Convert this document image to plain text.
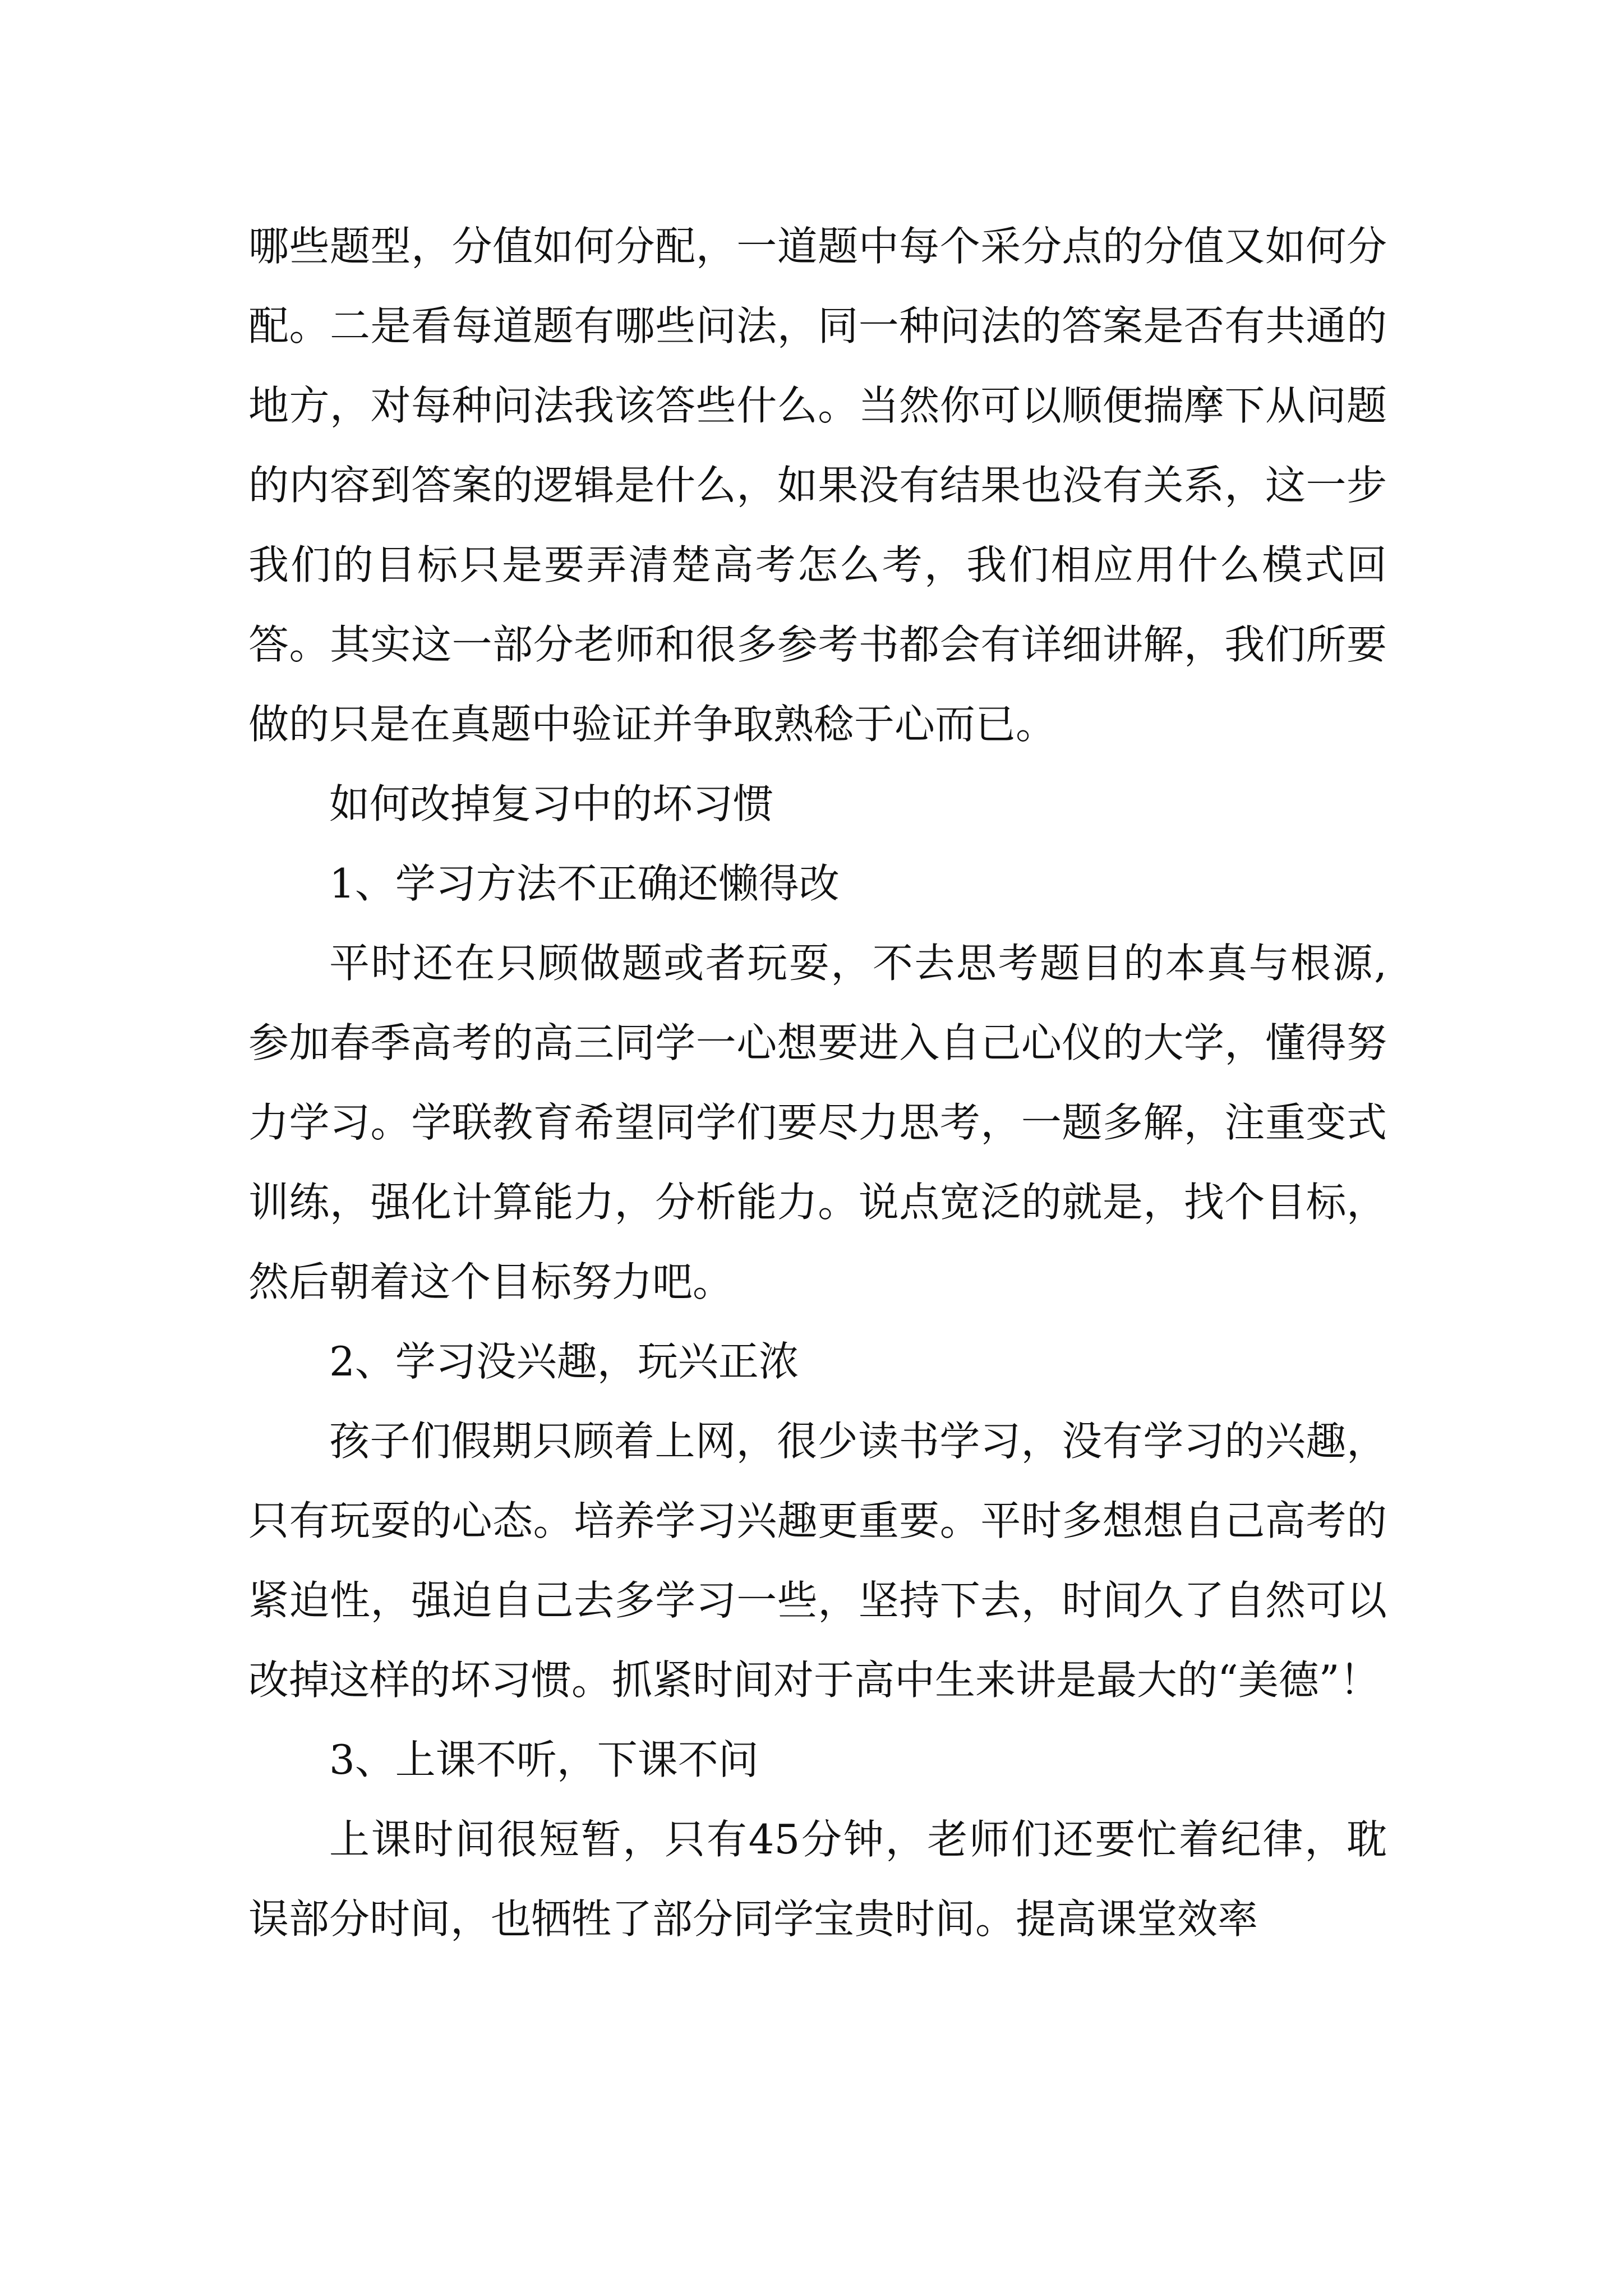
哪些题型，分值如何分配，一道题中每个采分点的分值又如何分配。二是看每道题有哪些问法，同一种问法的答案是否有共通的地方，对每种问法我该答些什么。当然你可以顺便揣摩下从问题的内容到答案的逻辑是什么，如果没有结果也没有关系，这一步我们的目标只是要弄清楚高考怎么考，我们相应用什么模式回答。其实这一部分老师和很多参考书都会有详细讲解，我们所要做的只是在真题中验证并争取熟稔于心而已。

如何改掉复习中的坏习惯

1、学习方法不正确还懒得改

平时还在只顾做题或者玩耍，不去思考题目的本真与根源,参加春季高考的高三同学一心想要进入自己心仪的大学，懂得努力学习。学联教育希望同学们要尽力思考，一题多解，注重变式训练，强化计算能力，分析能力。说点宽泛的就是，找个目标，然后朝着这个目标努力吧。

2、学习没兴趣，玩兴正浓

孩子们假期只顾着上网，很少读书学习，没有学习的兴趣，只有玩耍的心态。培养学习兴趣更重要。平时多想想自己高考的紧迫性，强迫自己去多学习一些，坚持下去，时间久了自然可以改掉这样的坏习惯。抓紧时间对于高中生来讲是最大的“美德”！

3、上课不听，下课不问

上课时间很短暂，只有45分钟，老师们还要忙着纪律，耽误部分时间，也牺牲了部分同学宝贵时间。提高课堂效率
